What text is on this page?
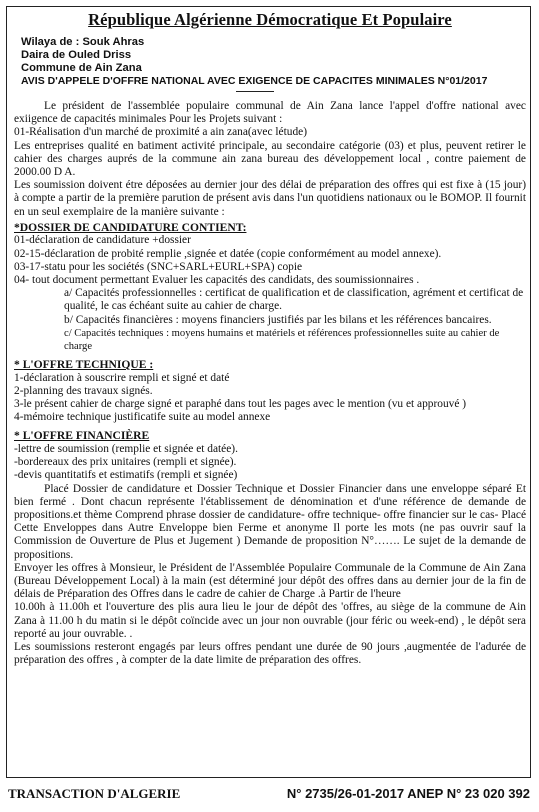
République Algérienne Démocratique Et Populaire
Wilaya de : Souk Ahras
Daira de Ouled Driss
Commune de Ain Zana
AVIS D'APPELE D'OFFRE NATIONAL AVEC EXIGENCE DE CAPACITES MINIMALES N°01/2017

Le président de l'assemblée populaire communal de Ain Zana lance l'appel d'offre national avec exiigence de capacités minimales Pour les Projets suivant :

01-Réalisation d'un marché de proximité a ain zana(avec létude)

Les entreprises qualité en batiment activité principale, au secondaire catégorie (03) et plus, peuvent retirer le cahier des charges auprés de la commune ain zana bureau des développement local , contre paiement de 2000.00 D A.

Les soumission doivent étre déposées au dernier jour des délai de préparation des offres qui est fixe à (15 jour) à compte a partir de la première parution de présent avis dans l'un quotidiens nationaux ou le BOMOP. Il fournit en un seul exemplaire de la manière suivante :

*DOSSIER DE CANDIDATURE CONTIENT:
01-déclaration de candidature +dossier
02-15-déclaration de probité remplie ,signée et datée (copie conformément au model annexe).
03-17-statu pour les sociétés (SNC+SARL+EURL+SPA) copie
04- tout document permettant Evaluer les capacités des candidats, des soumissionnaires .

a/ Capacités professionnelles : certificat de qualification et de classification, agrément et certificat de qualité, le cas échéant suite au cahier de charge.

b/ Capacités financières : moyens financiers justifiés par les bilans et les références bancaires.

c/ Capacités techniques : moyens humains et matériels et références professionnelles suite au cahier de charge

* L'OFFRE TECHNIQUE :
1-déclaration à souscrire rempli et signé et daté
2-planning des travaux signés.
3-le présent cahier de charge signé et paraphé dans tout les pages avec le mention (vu et approuvé )
4-mémoire technique justificatife suite au model annexe
* L'OFFRE FINANCIÈRE
-lettre de soumission (remplie et signée et datée).
-bordereaux des prix unitaires (rempli et signée).
-devis quantitatifs et estimatifs (rempli et signée)

Placé Dossier de candidature et Dossier Technique et Dossier Financier dans une enveloppe séparé Et bien fermé . Dont chacun représente l'établissement de dénomination et d'une référence de demande de propositions.et thème Comprend phrase dossier de candidature- offre technique- offre financier sur le cas- Placé Cette Enveloppes dans Autre Enveloppe bien Ferme et anonyme Il porte les mots (ne pas ouvrir sauf la Commission de Ouverture de Plus et Jugement ) Demande de proposition N°……. Le sujet de la demande de propositions.

Envoyer les offres à Monsieur, le Président de l'Assemblée Populaire Communale de la Commune de Ain Zana (Bureau Développement Local) à la main (est déterminé jour dépôt des offres dans au dernier jour de la fin de délais de Préparation des Offres dans le cadre de cahier de Charge .à Partir de l'heure

10.00h à 11.00h et l'ouverture des plis aura lieu le jour de dépôt des 'offres, au siège de la commune de Ain Zana à 11.00 h du matin si le dépôt coïncide avec un jour non ouvrable (jour féric ou week-end) , le dépôt sera reporté au jour ouvrable. .

Les soumissions resteront engagés par leurs offres pendant une durée de 90 jours ,augmentée de l'adurée de préparation des offres , à compter de la date limite de préparation des offres.

TRANSACTION D'ALGERIE	N° 2735/26-01-2017 ANEP N° 23 020 392
